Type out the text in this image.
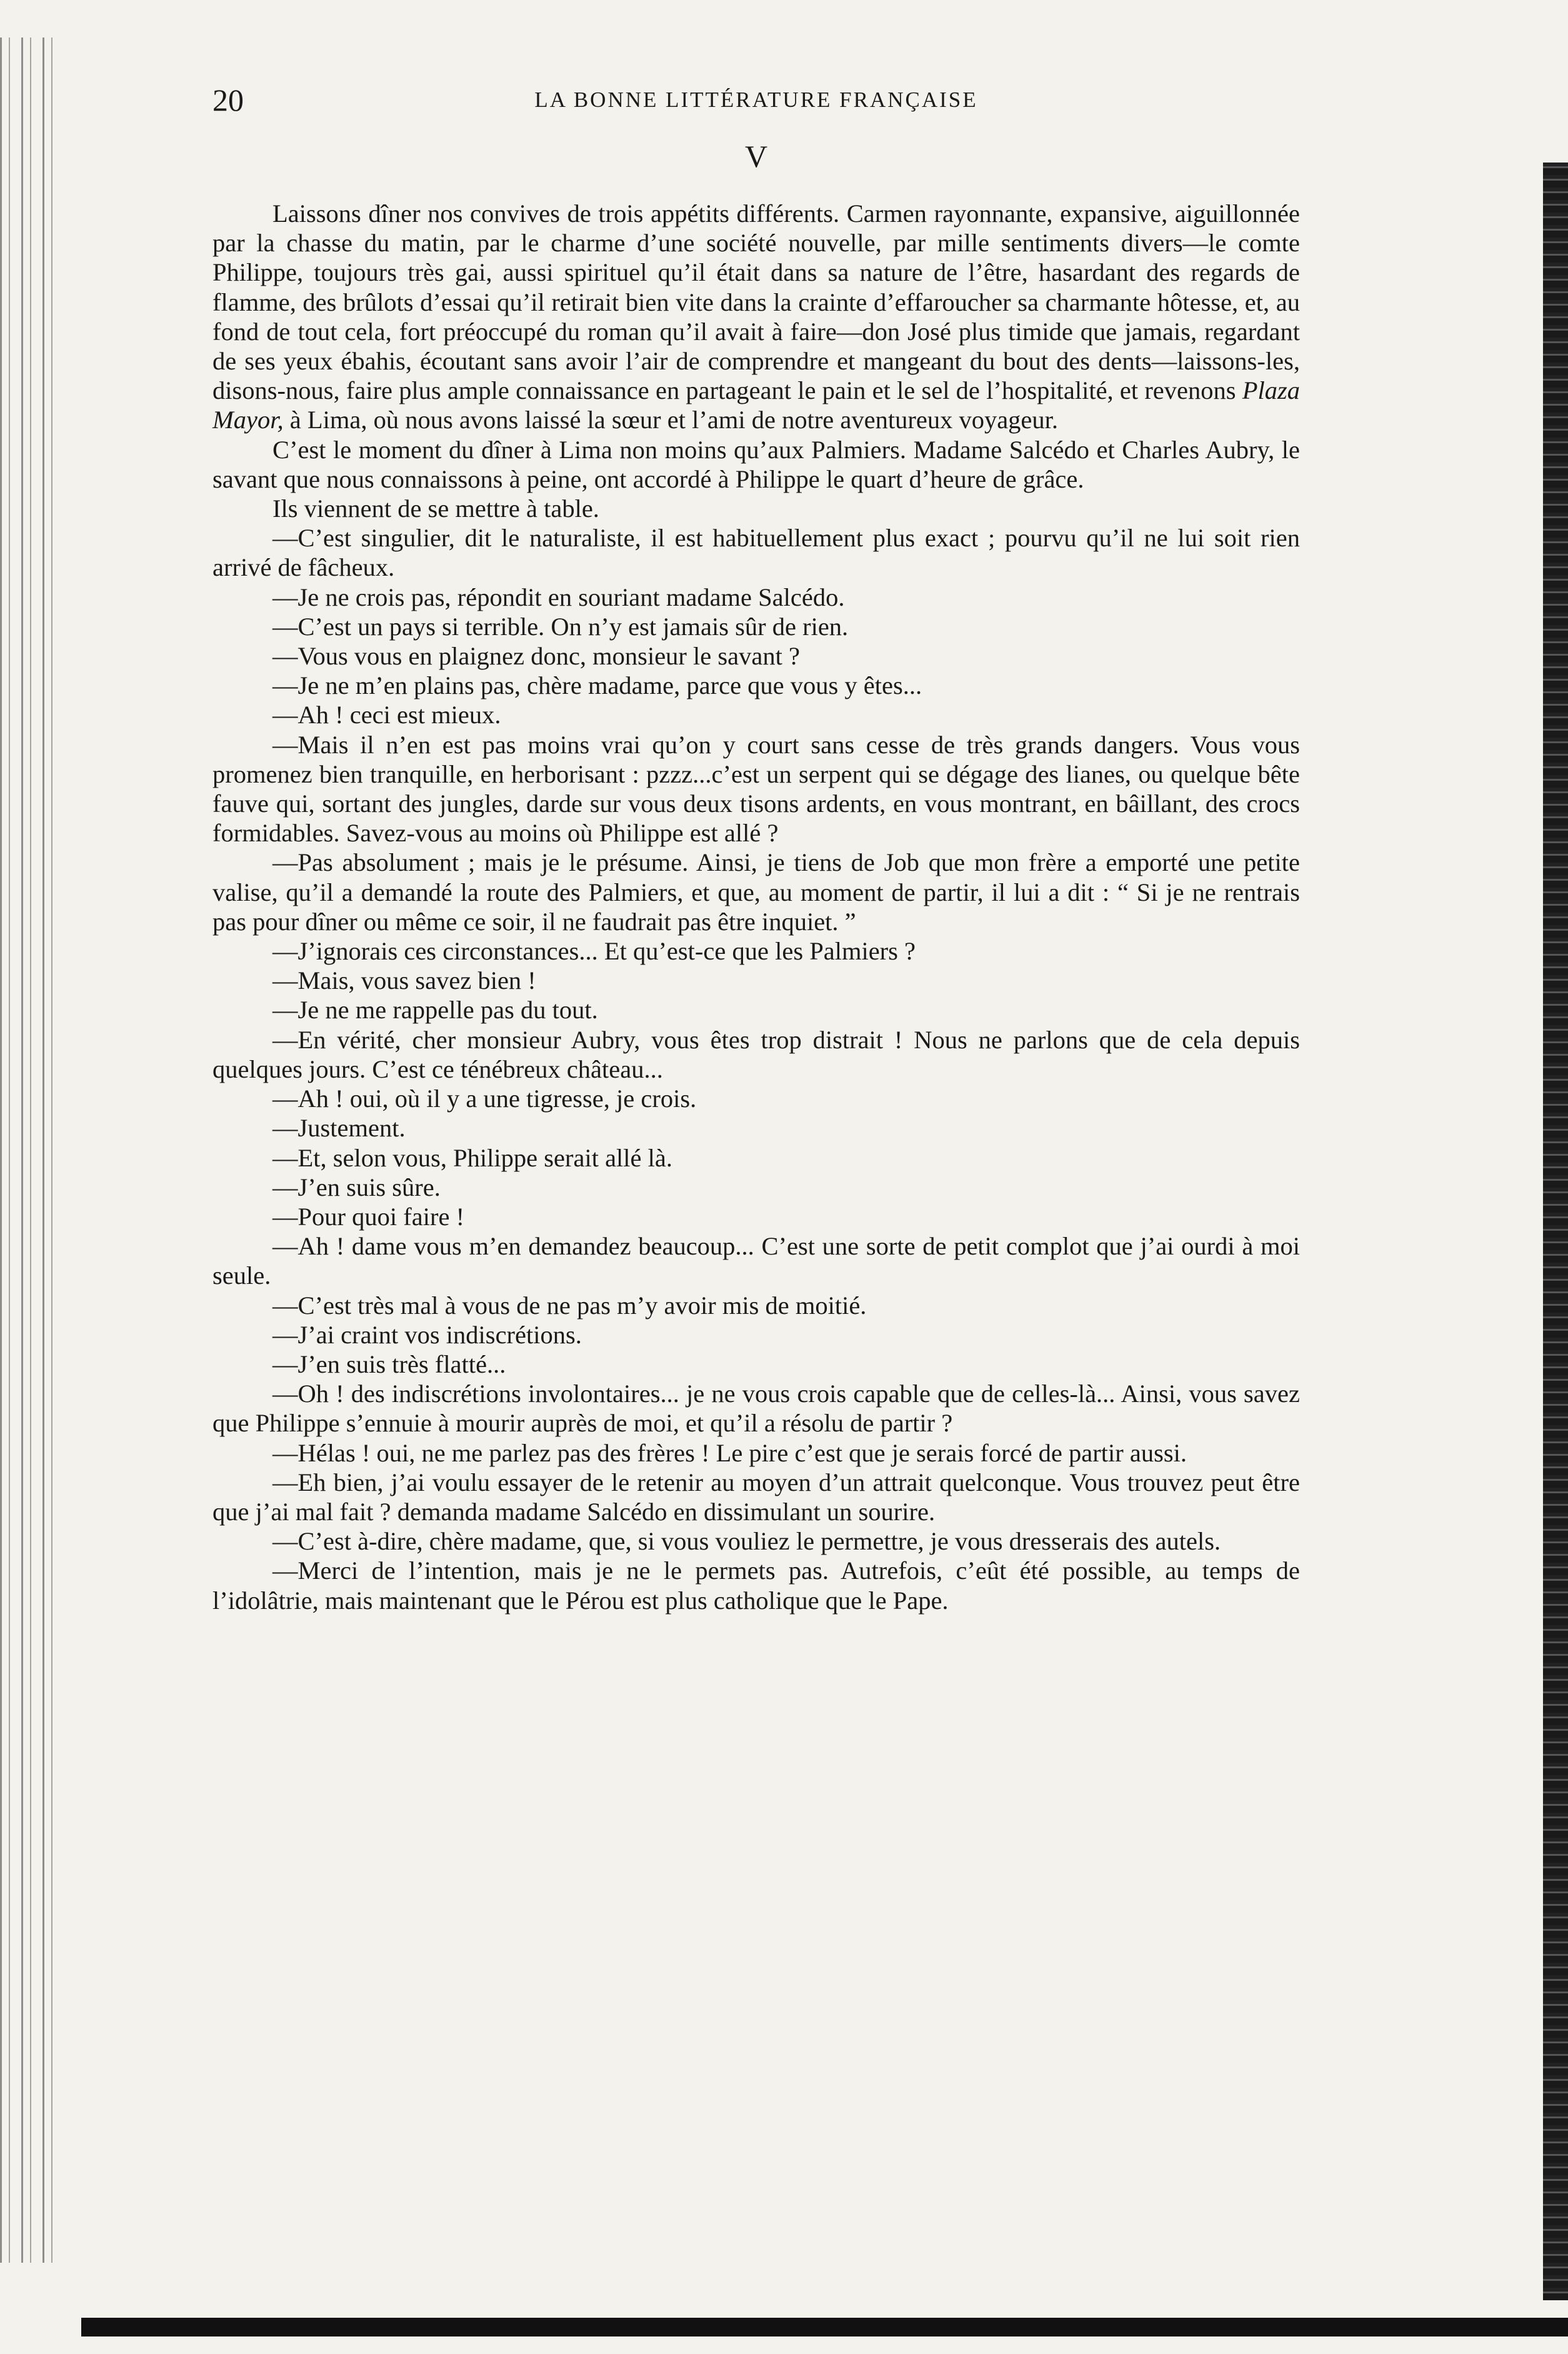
20	LA BONNE LITTÉRATURE FRANÇAISE
V

Laissons dîner nos convives de trois appétits différents. Carmen rayonnante, expansive, aiguillonnée par la chasse du matin, par le charme d’une société nouvelle, par mille sentiments divers—le comte Philippe, toujours très gai, aussi spirituel qu’il était dans sa nature de l’être, hasardant des regards de flamme, des brûlots d’essai qu’il retirait bien vite dans la crainte d’effaroucher sa charmante hôtesse, et, au fond de tout cela, fort préoccupé du roman qu’il avait à faire—don José plus timide que jamais, regardant de ses yeux ébahis, écoutant sans avoir l’air de comprendre et mangeant du bout des dents—laissons-les, disons-nous, faire plus ample connaissance en partageant le pain et le sel de l’hospitalité, et revenons Plaza Mayor, à Lima, où nous avons laissé la sœur et l’ami de notre aventureux voyageur.

C’est le moment du dîner à Lima non moins qu’aux Palmiers. Madame Salcédo et Charles Aubry, le savant que nous connaissons à peine, ont accordé à Philippe le quart d’heure de grâce.

Ils viennent de se mettre à table.

—C’est singulier, dit le naturaliste, il est habituellement plus exact ; pourvu qu’il ne lui soit rien arrivé de fâcheux.

—Je ne crois pas, répondit en souriant madame Salcédo.

—C’est un pays si terrible. On n’y est jamais sûr de rien.

—Vous vous en plaignez donc, monsieur le savant ?

—Je ne m’en plains pas, chère madame, parce que vous y êtes...

—Ah ! ceci est mieux.

—Mais il n’en est pas moins vrai qu’on y court sans cesse de très grands dangers. Vous vous promenez bien tranquille, en herborisant : pzzz...c’est un serpent qui se dégage des lianes, ou quelque bête fauve qui, sortant des jungles, darde sur vous deux tisons ardents, en vous montrant, en bâillant, des crocs formidables. Savez-vous au moins où Philippe est allé ?

—Pas absolument ; mais je le présume. Ainsi, je tiens de Job que mon frère a emporté une petite valise, qu’il a demandé la route des Palmiers, et que, au moment de partir, il lui a dit : “ Si je ne rentrais pas pour dîner ou même ce soir, il ne faudrait pas être inquiet. ”

—J’ignorais ces circonstances... Et qu’est-ce que les Palmiers ?

—Mais, vous savez bien !

—Je ne me rappelle pas du tout.

—En vérité, cher monsieur Aubry, vous êtes trop distrait ! Nous ne parlons que de cela depuis quelques jours. C’est ce ténébreux château...

—Ah ! oui, où il y a une tigresse, je crois.

—Justement.

—Et, selon vous, Philippe serait allé là.

—J’en suis sûre.

—Pour quoi faire !

—Ah ! dame vous m’en demandez beaucoup... C’est une sorte de petit complot que j’ai ourdi à moi seule.

—C’est très mal à vous de ne pas m’y avoir mis de moitié.

—J’ai craint vos indiscrétions.

—J’en suis très flatté...

—Oh ! des indiscrétions involontaires... je ne vous crois capable que de celles-là... Ainsi, vous savez que Philippe s’ennuie à mourir auprès de moi, et qu’il a résolu de partir ?

—Hélas ! oui, ne me parlez pas des frères ! Le pire c’est que je serais forcé de partir aussi.

—Eh bien, j’ai voulu essayer de le retenir au moyen d’un attrait quelconque. Vous trouvez peut être que j’ai mal fait ? demanda madame Salcédo en dissimulant un sourire.

—C’est à-dire, chère madame, que, si vous vouliez le permettre, je vous dresserais des autels.

—Merci de l’intention, mais je ne le permets pas. Autrefois, c’eût été possible, au temps de l’idolâtrie, mais maintenant que le Pérou est plus catholique que le Pape.
